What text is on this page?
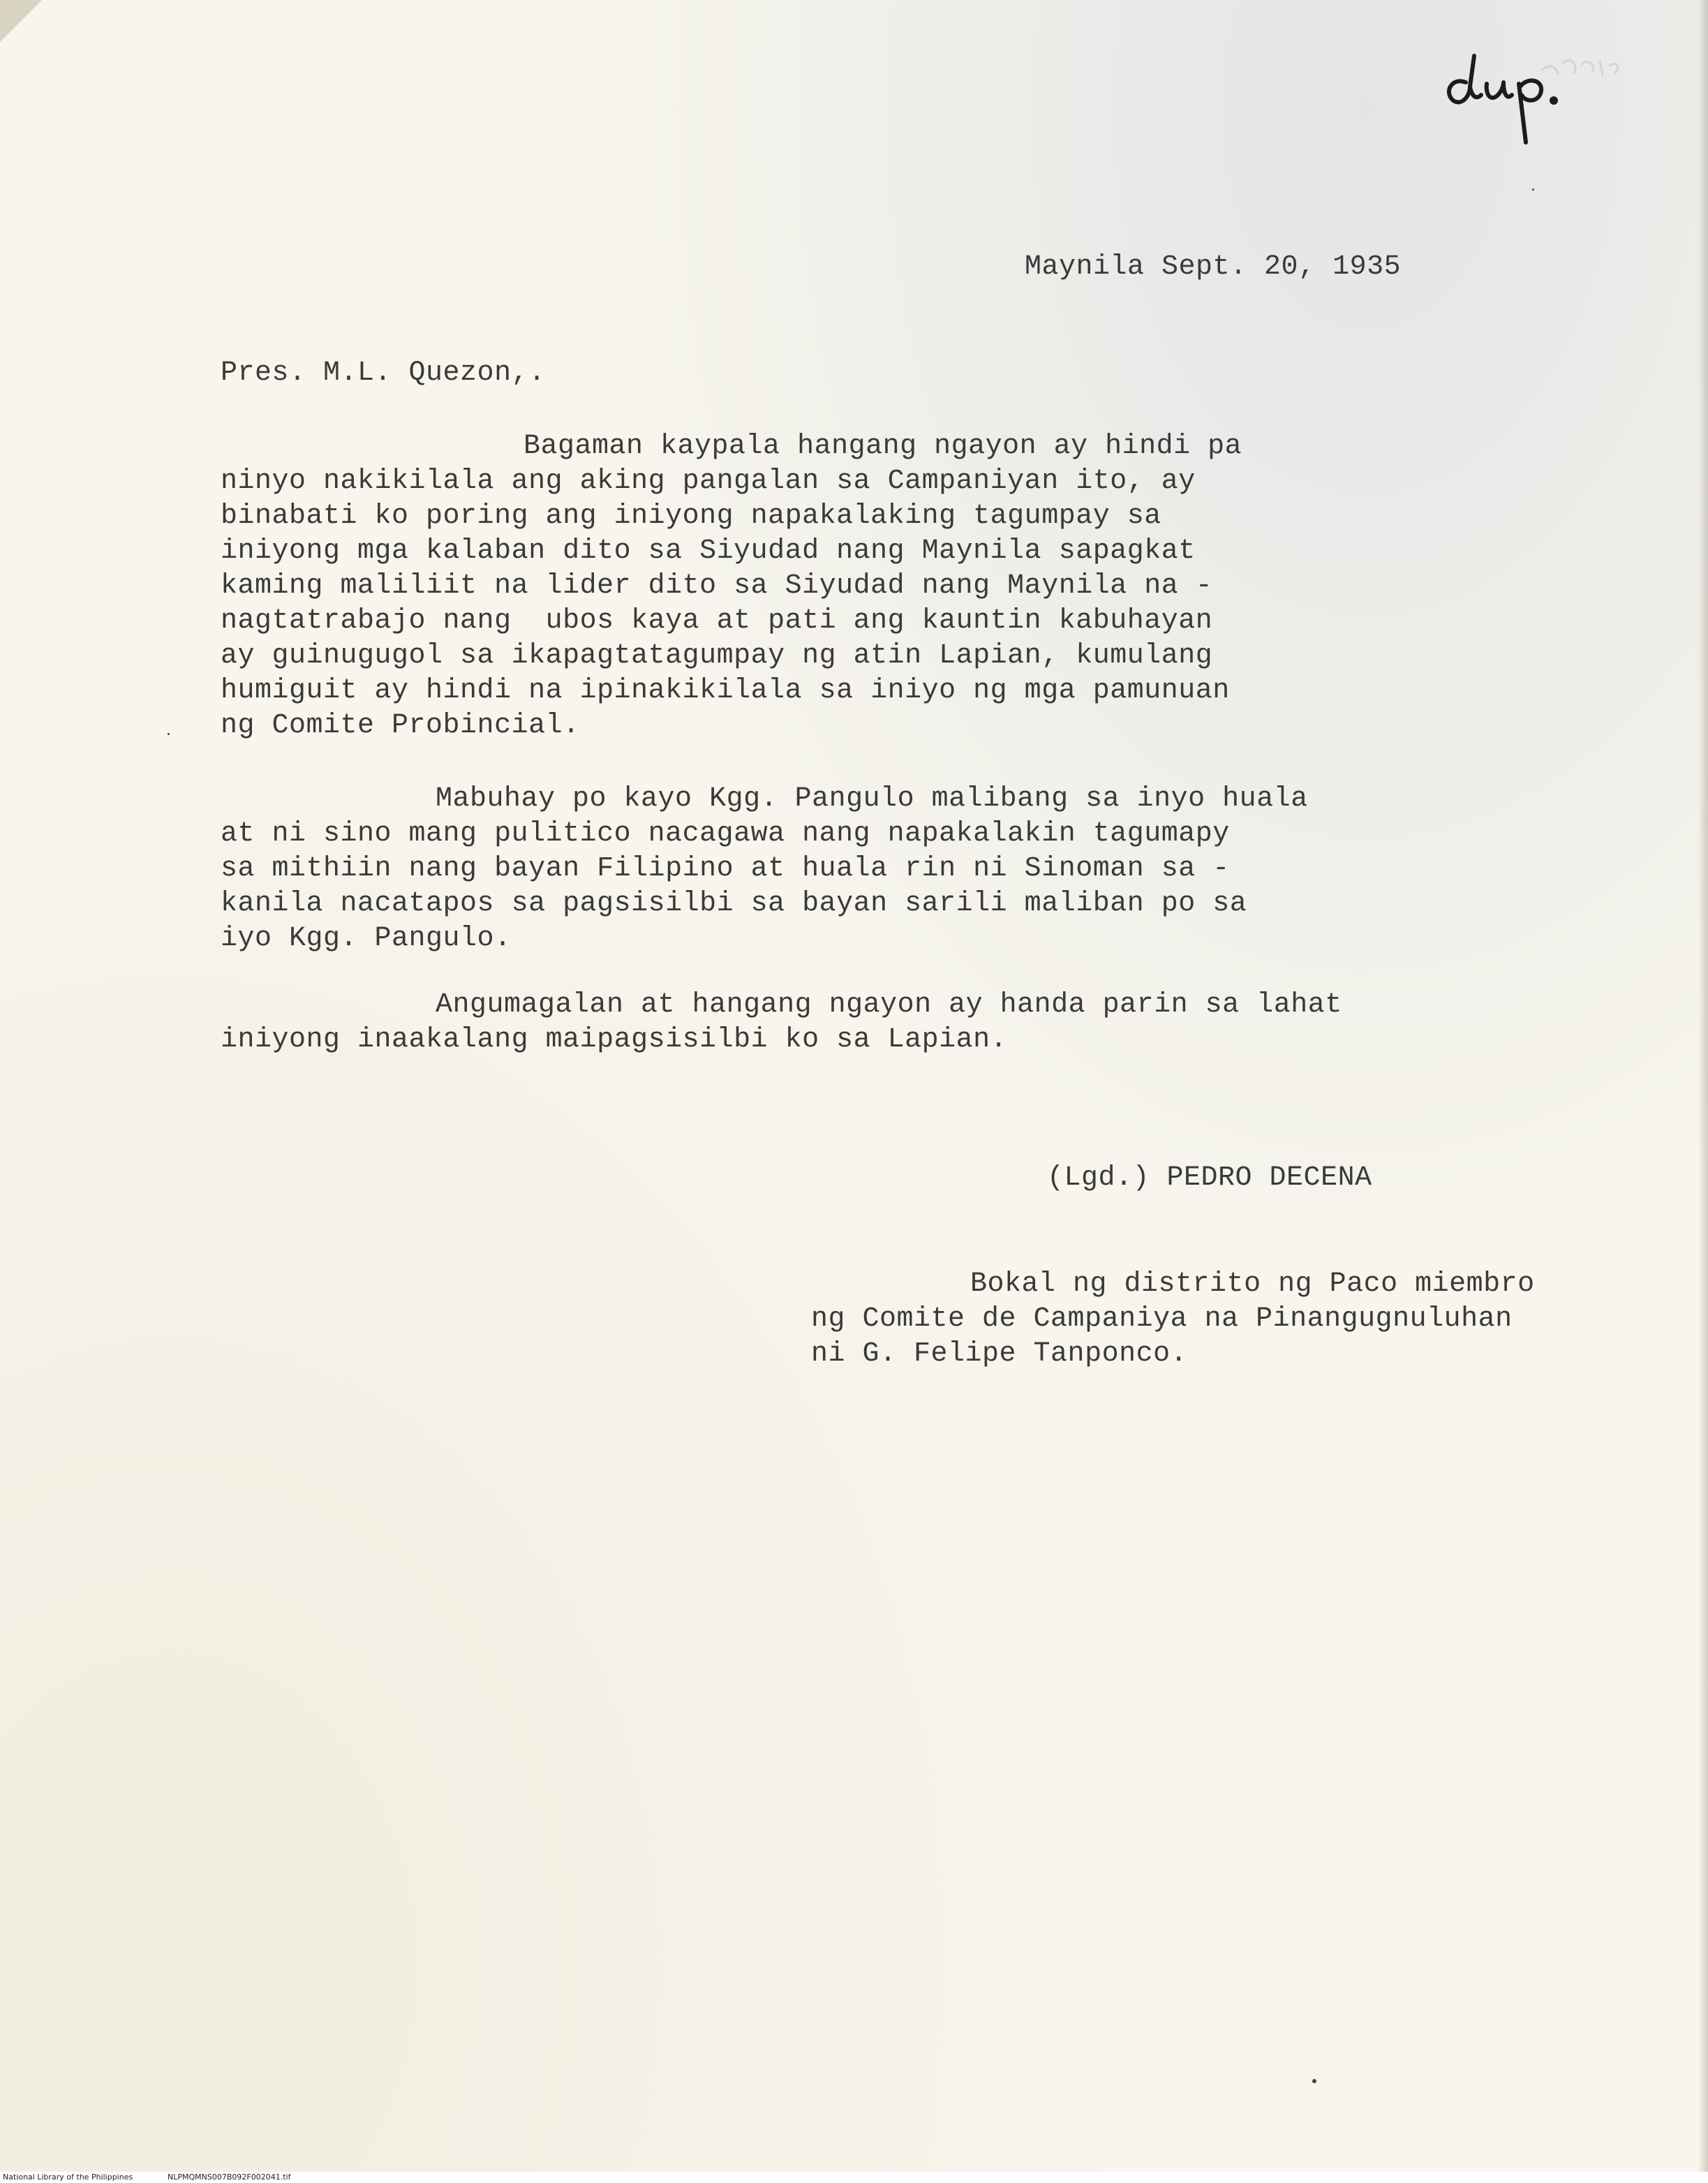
Maynila Sept. 20, 1935
Pres. M.L. Quezon,.
Bagaman kaypala hangang ngayon ay hindi pa
ninyo nakikilala ang aking pangalan sa Campaniyan ito, ay
binabati ko poring ang iniyong napakalaking tagumpay sa
iniyong mga kalaban dito sa Siyudad nang Maynila sapagkat
kaming maliliit na lider dito sa Siyudad nang Maynila na -
nagtatrabajo nang  ubos kaya at pati ang kauntin kabuhayan
ay guinugugol sa ikapagtatagumpay ng atin Lapian, kumulang
humiguit ay hindi na ipinakikilala sa iniyo ng mga pamunuan
ng Comite Probincial.
Mabuhay po kayo Kgg. Pangulo malibang sa inyo huala
at ni sino mang pulitico nacagawa nang napakalakin tagumapy
sa mithiin nang bayan Filipino at huala rin ni Sinoman sa -
kanila nacatapos sa pagsisilbi sa bayan sarili maliban po sa
iyo Kgg. Pangulo.
Angumagalan at hangang ngayon ay handa parin sa lahat
iniyong inaakalang maipagsisilbi ko sa Lapian.
(Lgd.) PEDRO DECENA
Bokal ng distrito ng Paco miembro
ng Comite de Campaniya na Pinangugnuluhan
ni G. Felipe Tanponco.
National Library of the Philippines	NLPMQMNS007B092F002041.tif
